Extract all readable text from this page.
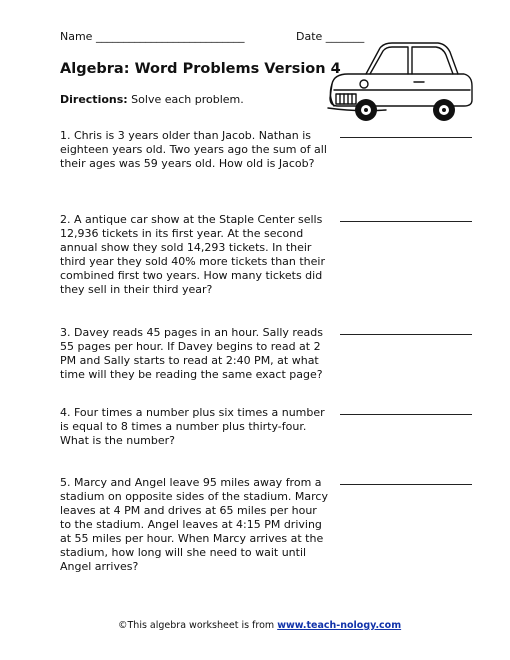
Name ___________________________	Date _______
Algebra: Word Problems Version 4
Directions: Solve each problem.
1. Chris is 3 years older than Jacob. Nathan is eighteen years old. Two years ago the sum of all their ages was 59 years old. How old is Jacob?
2. A antique car show at the Staple Center sells 12,936 tickets in its first year. At the second annual show they sold 14,293 tickets. In their third year they sold 40% more tickets than their combined first two years. How many tickets did they sell in their third year?
3. Davey reads 45 pages in an hour. Sally reads 55 pages per hour. If Davey begins to read at 2 PM and Sally starts to read at 2:40 PM, at what time will they be reading the same exact page?
4. Four times a number plus six times a number is equal to 8 times a number plus thirty-four. What is the number?
5. Marcy and Angel leave 95 miles away from a stadium on opposite sides of the stadium. Marcy leaves at 4 PM and drives at 65 miles per hour to the stadium. Angel leaves at 4:15 PM driving at 55 miles per hour. When Marcy arrives at the stadium, how long will she need to wait until Angel arrives?
©This algebra worksheet is from www.teach-nology.com
